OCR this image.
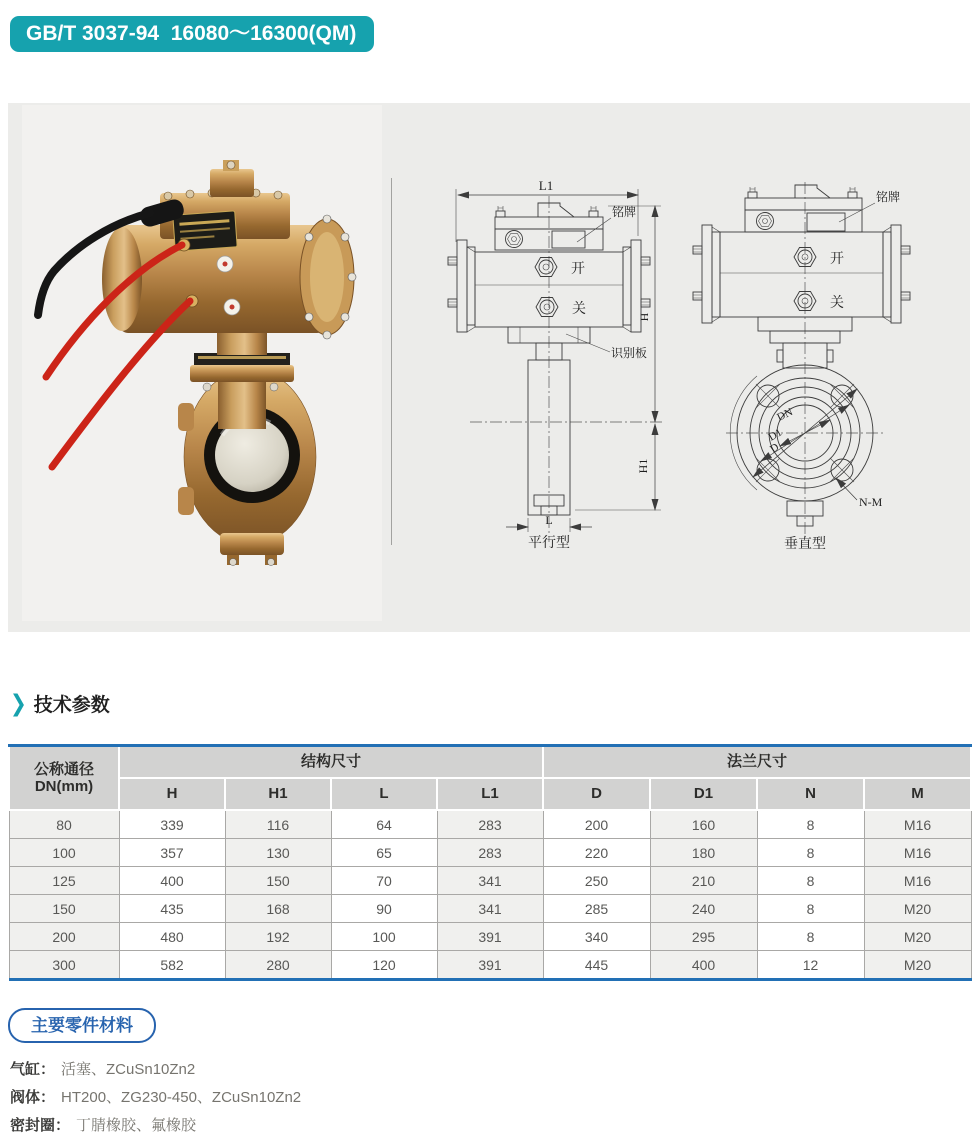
GB/T 3037-94  16080～16300(QM)
L1
H
H1
L
铭牌
开
关
识别板
平行型
铭牌
开
关
DN
D1
D
N-M
垂直型
❯ 技术参数
公称通径
DN(mm)	结构尺寸				法兰尺寸			
	H	H1	L	L1	D	D1	N	M
80	339	116	64	283	200	160	8	M16
100	357	130	65	283	220	180	8	M16
125	400	150	70	341	250	210	8	M16
150	435	168	90	341	285	240	8	M20
200	480	192	100	391	340	295	8	M20
300	582	280	120	391	445	400	12	M20
主要零件材料
气缸： 活塞、ZCuSn10Zn2
阀体： HT200、ZG230-450、ZCuSn10Zn2
密封圈： 丁腈橡胶、氟橡胶
